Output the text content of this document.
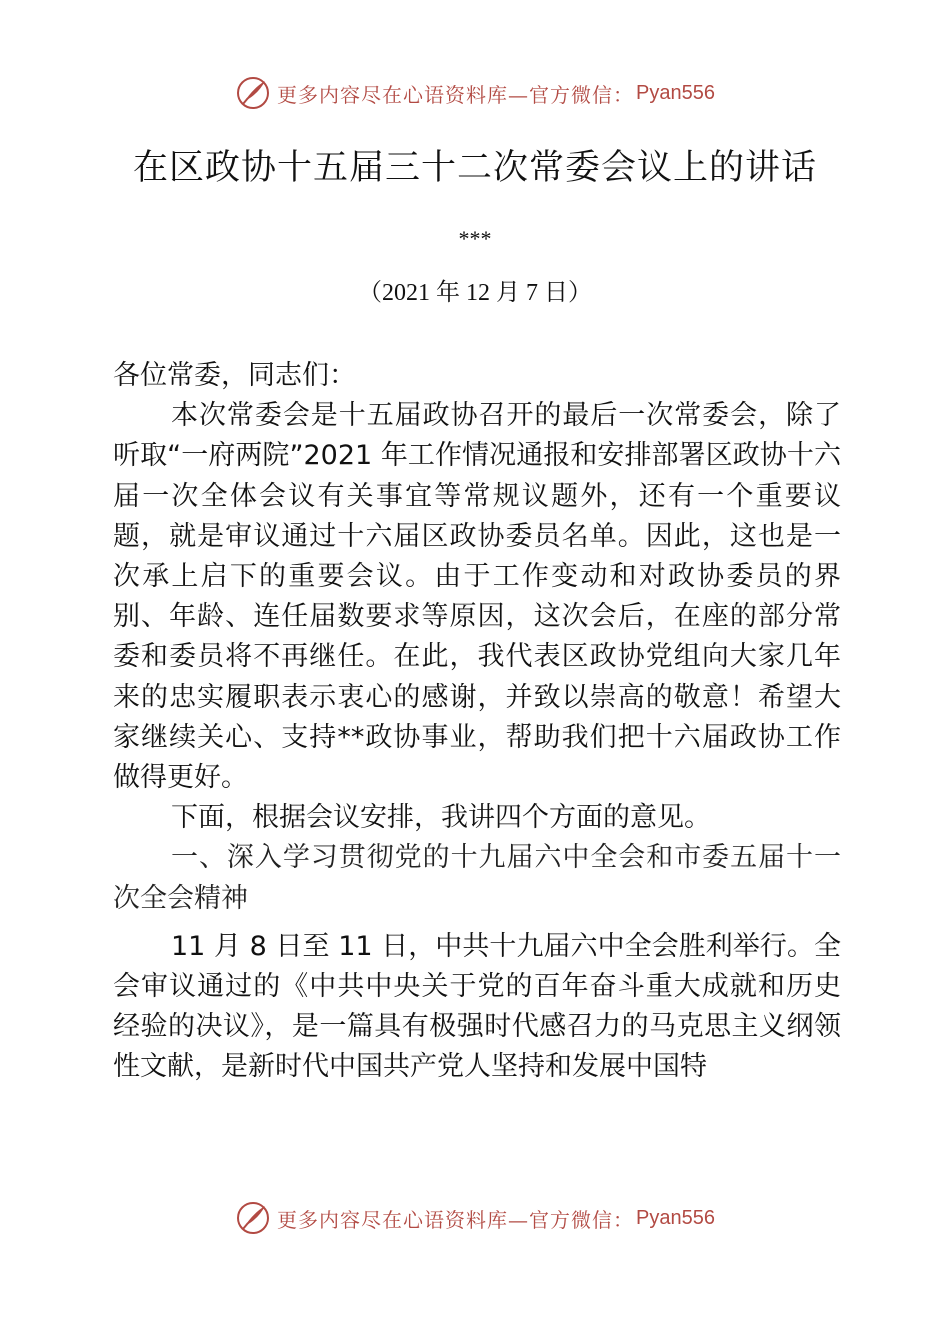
更多内容尽在心语资料库—官方微信： Pyan556
在区政协十五届三十二次常委会议上的讲话
***
（2021 年 12 月 7 日）

各位常委，同志们：

本次常委会是十五届政协召开的最后一次常委会，除了听取“一府两院”2021 年工作情况通报和安排部署区政协十六届一次全体会议有关事宜等常规议题外，还有一个重要议题，就是审议通过十六届区政协委员名单。因此，这也是一次承上启下的重要会议。由于工作变动和对政协委员的界别、年龄、连任届数要求等原因，这次会后，在座的部分常委和委员将不再继任。在此，我代表区政协党组向大家几年来的忠实履职表示衷心的感谢，并致以崇高的敬意！希望大家继续关心、支持**政协事业，帮助我们把十六届政协工作做得更好。

下面，根据会议安排，我讲四个方面的意见。

一、深入学习贯彻党的十九届六中全会和市委五届十一次全会精神

11 月 8 日至 11 日，中共十九届六中全会胜利举行。全会审议通过的《中共中央关于党的百年奋斗重大成就和历史经验的决议》，是一篇具有极强时代感召力的马克思主义纲领性文献，是新时代中国共产党人坚持和发展中国特

更多内容尽在心语资料库—官方微信： Pyan556
